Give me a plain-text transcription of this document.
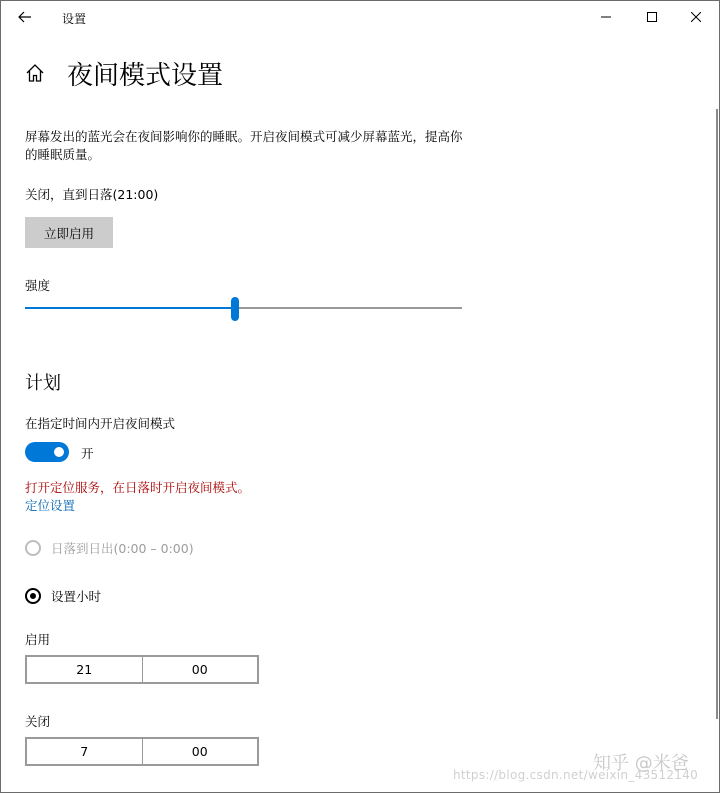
设置
夜间模式设置
屏幕发出的蓝光会在夜间影响你的睡眠。开启夜间模式可减少屏幕蓝光，提高你的睡眠质量。
关闭，直到日落(21:00)
立即启用
强度
计划
在指定时间内开启夜间模式
开
打开定位服务，在日落时开启夜间模式。
定位设置
日落到日出(0:00 – 0:00)
设置小时
启用
21	00
关闭
7	00
知乎 @米爸
https://blog.csdn.net/weixin_43512140
